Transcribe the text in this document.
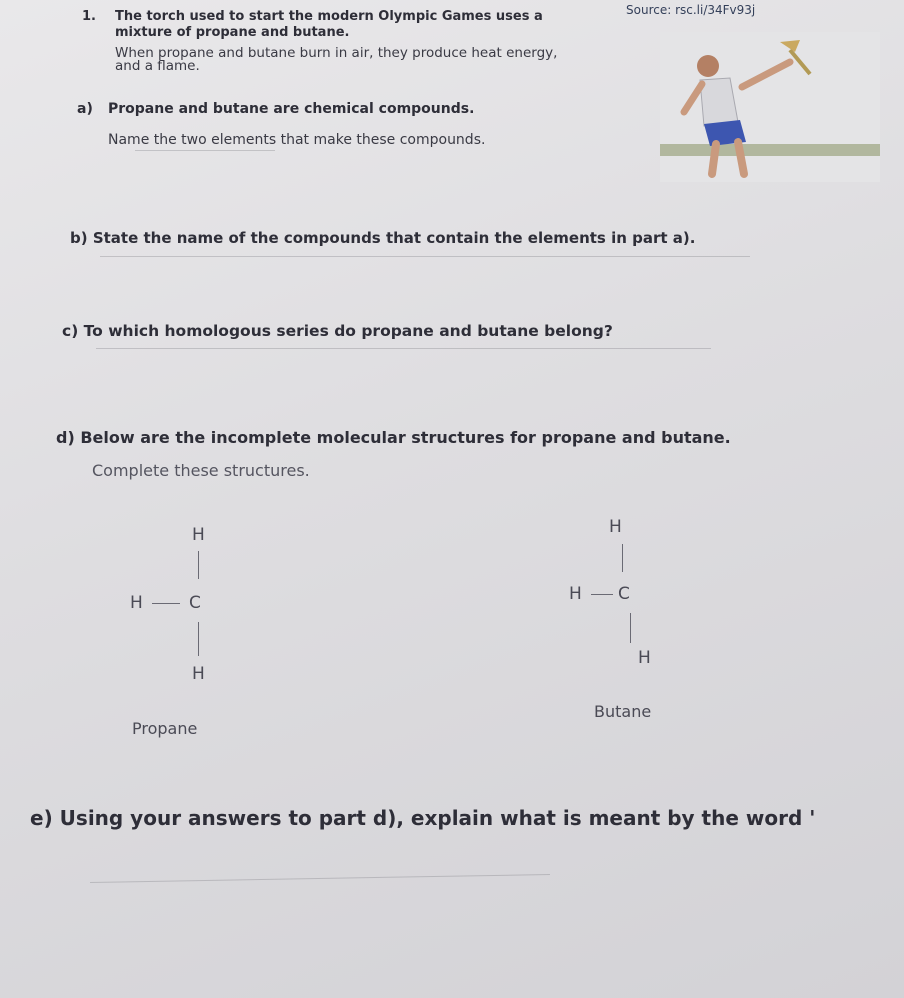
Source: rsc.li/34Fv93j
1. The torch used to start the modern Olympic Games uses a
mixture of propane and butane.
When propane and butane burn in air, they produce heat energy,
and a flame.
a) Propane and butane are chemical compounds.
Name the two elements that make these compounds.
b) State the name of the compounds that contain the elements in part a).
c) To which homologous series do propane and butane belong?
d) Below are the incomplete molecular structures for propane and butane.
Complete these structures.
H
H	C
H
Propane
H
H C
H
Butane
e) Using your answers to part d), explain what is meant by the word '
